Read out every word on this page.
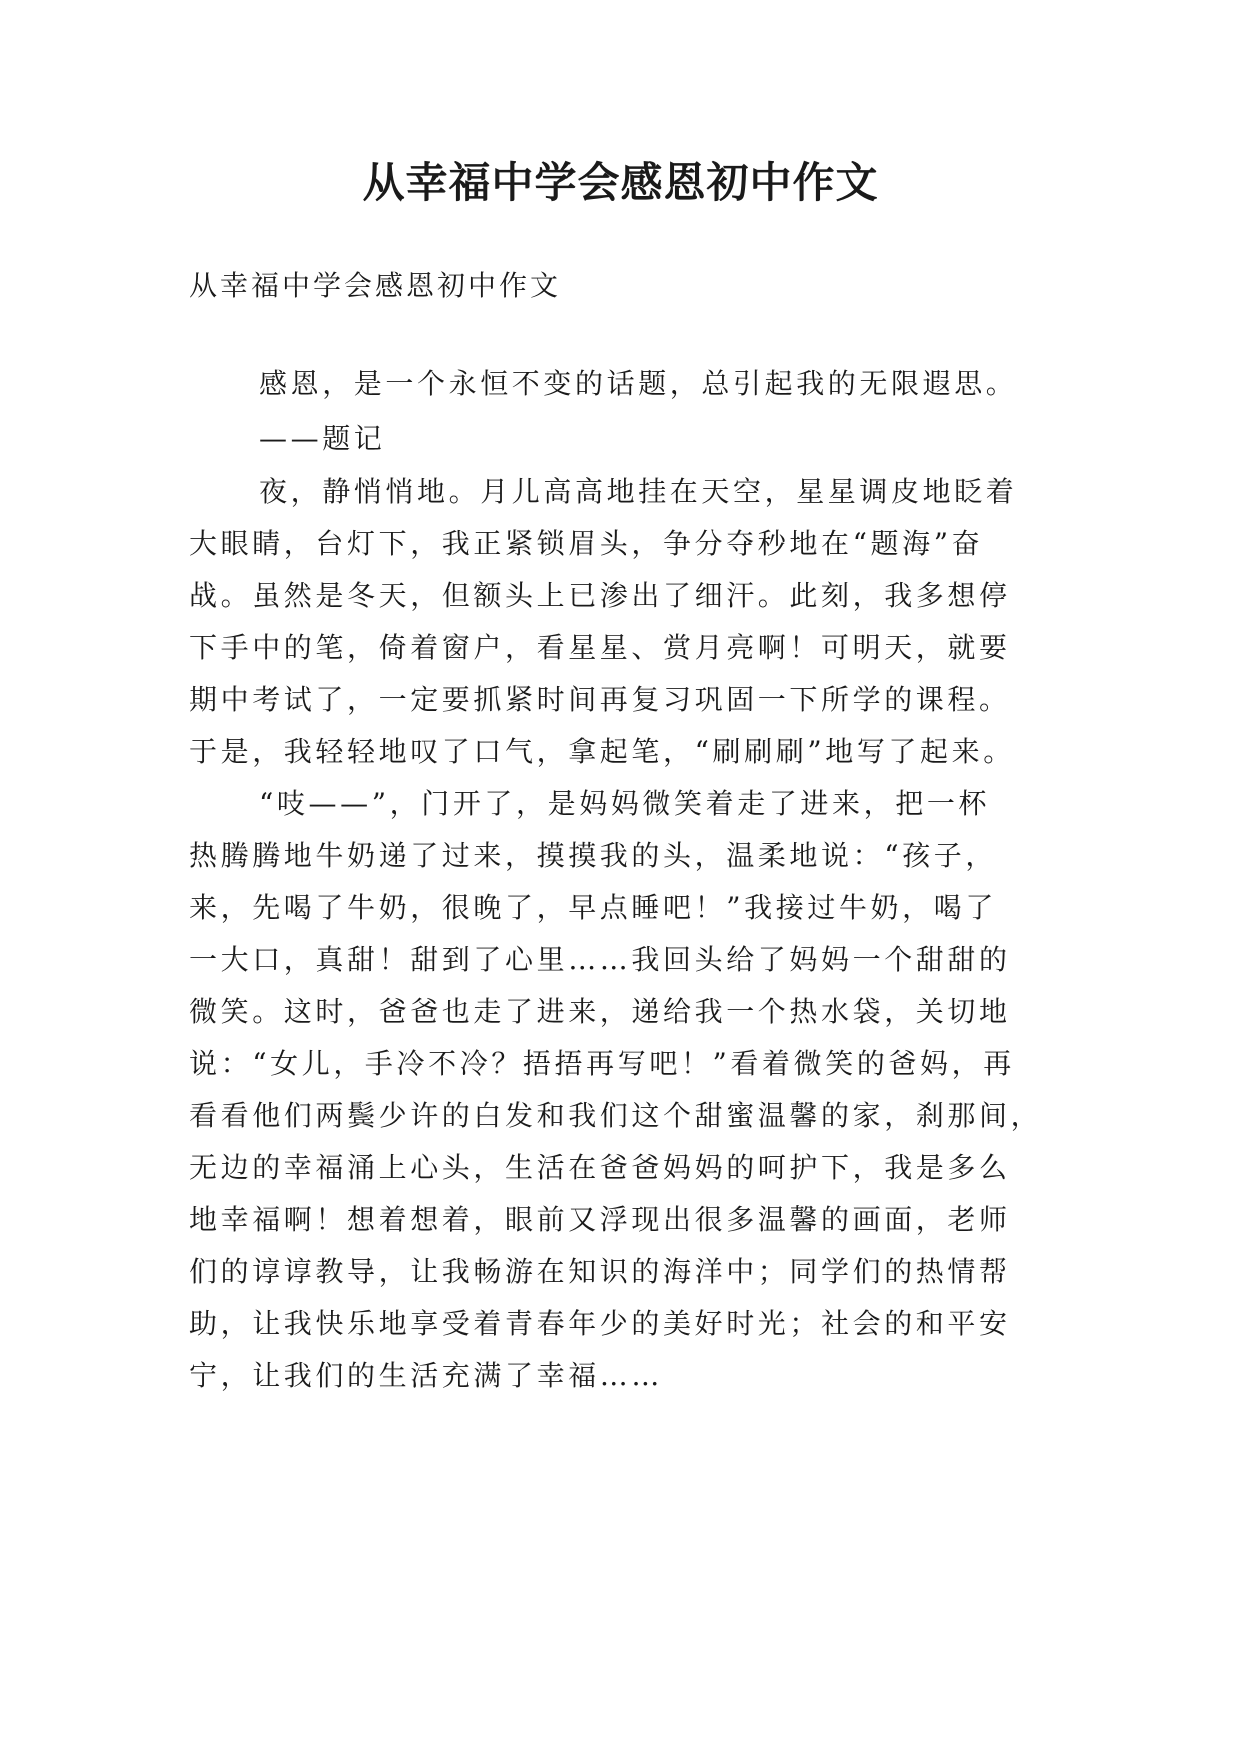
从幸福中学会感恩初中作文

从幸福中学会感恩初中作文

感恩，是一个永恒不变的话题，总引起我的无限遐思。

——题记

夜，静悄悄地。月儿高高地挂在天空，星星调皮地眨着

大眼睛，台灯下，我正紧锁眉头，争分夺秒地在“题海”奋

战。虽然是冬天，但额头上已渗出了细汗。此刻，我多想停

下手中的笔，倚着窗户，看星星、赏月亮啊！可明天，就要

期中考试了，一定要抓紧时间再复习巩固一下所学的课程。

于是，我轻轻地叹了口气，拿起笔，“刷刷刷”地写了起来。

“吱——”，门开了，是妈妈微笑着走了进来，把一杯

热腾腾地牛奶递了过来，摸摸我的头，温柔地说：“孩子，

来，先喝了牛奶，很晚了，早点睡吧！”我接过牛奶，喝了

一大口，真甜！甜到了心里……我回头给了妈妈一个甜甜的

微笑。这时，爸爸也走了进来，递给我一个热水袋，关切地

说：“女儿，手冷不冷？捂捂再写吧！”看着微笑的爸妈，再

看看他们两鬓少许的白发和我们这个甜蜜温馨的家，刹那间，

无边的幸福涌上心头，生活在爸爸妈妈的呵护下，我是多么

地幸福啊！想着想着，眼前又浮现出很多温馨的画面，老师

们的谆谆教导，让我畅游在知识的海洋中；同学们的热情帮

助，让我快乐地享受着青春年少的美好时光；社会的和平安

宁，让我们的生活充满了幸福……
